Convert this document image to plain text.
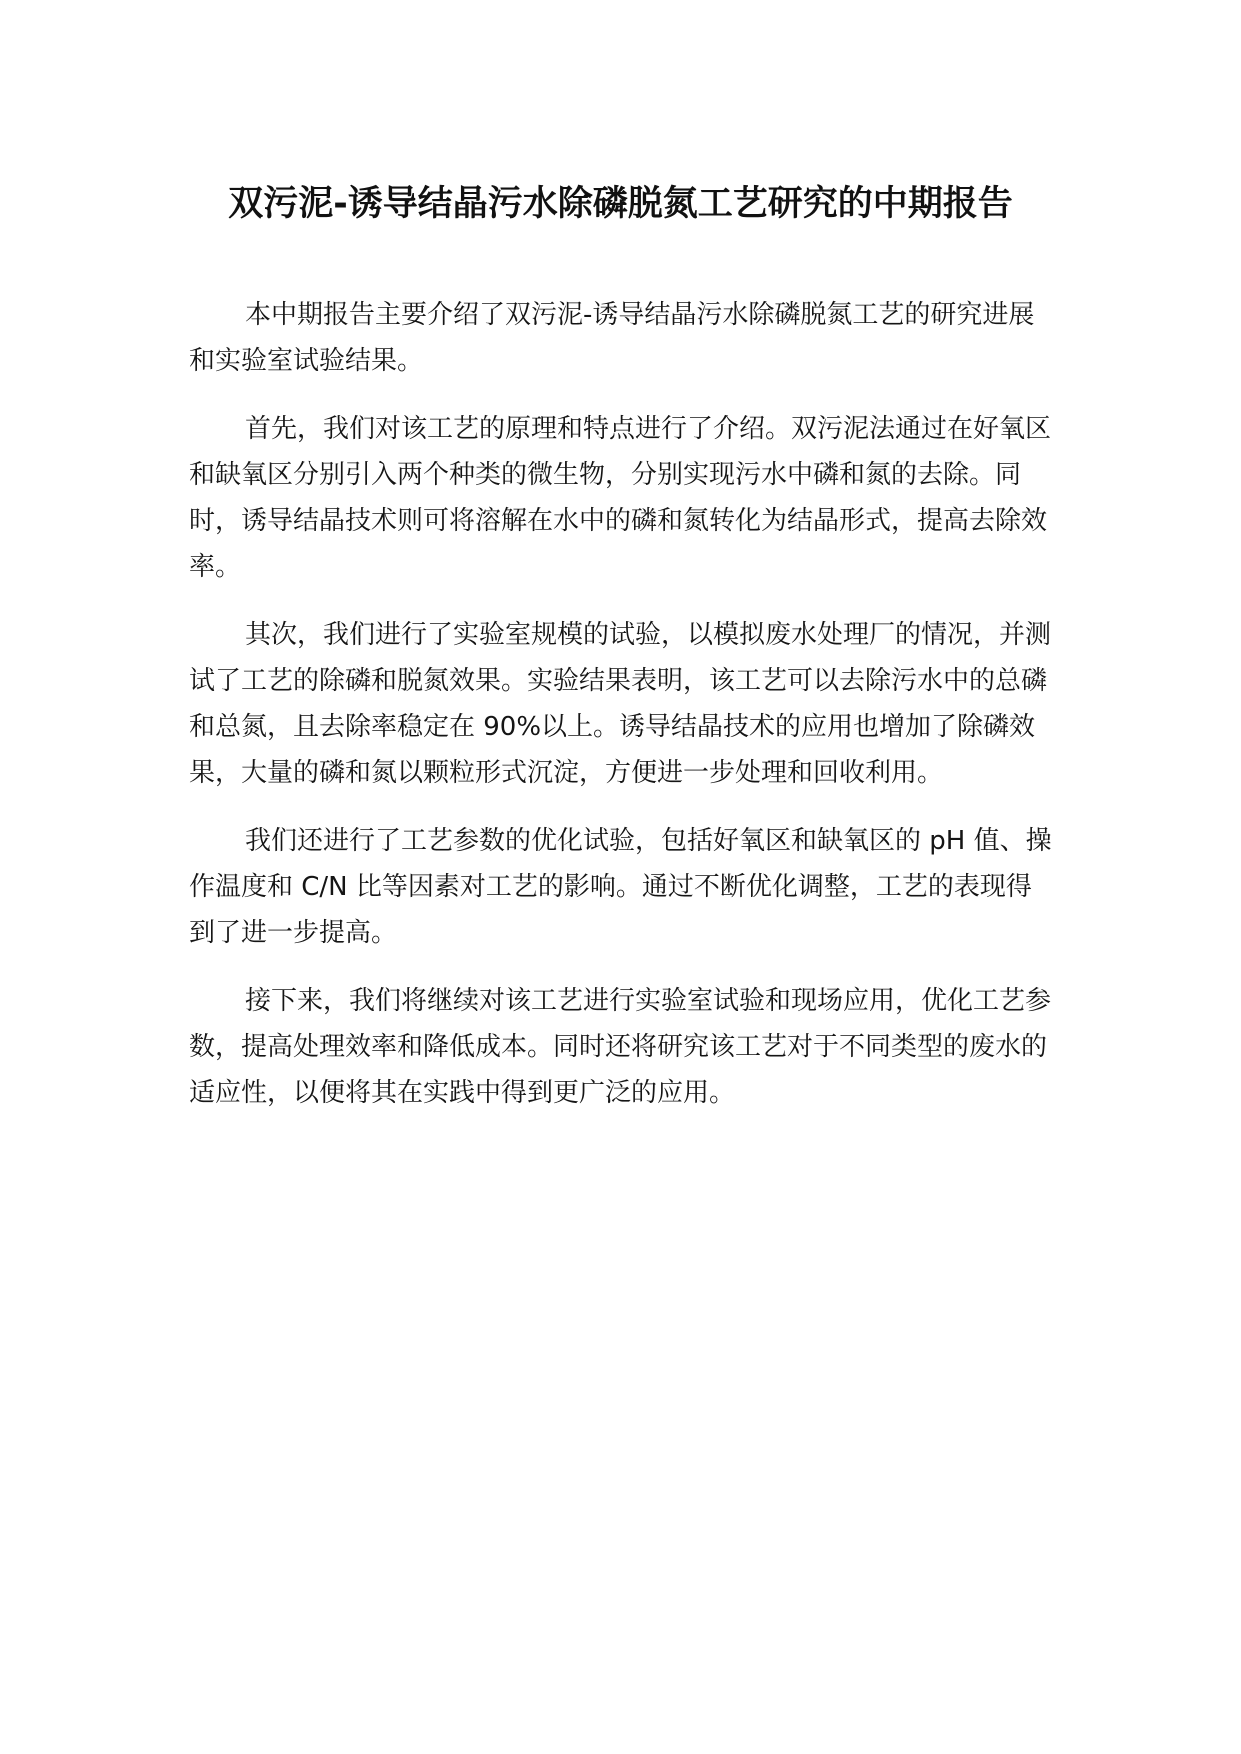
双污泥-诱导结晶污水除磷脱氮工艺研究的中期报告

本中期报告主要介绍了双污泥-诱导结晶污水除磷脱氮工艺的研究进展和实验室试验结果。

首先，我们对该工艺的原理和特点进行了介绍。双污泥法通过在好氧区和缺氧区分别引入两个种类的微生物，分别实现污水中磷和氮的去除。同时，诱导结晶技术则可将溶解在水中的磷和氮转化为结晶形式，提高去除效率。

其次，我们进行了实验室规模的试验，以模拟废水处理厂的情况，并测试了工艺的除磷和脱氮效果。实验结果表明，该工艺可以去除污水中的总磷和总氮，且去除率稳定在 90%以上。诱导结晶技术的应用也增加了除磷效果，大量的磷和氮以颗粒形式沉淀，方便进一步处理和回收利用。

我们还进行了工艺参数的优化试验，包括好氧区和缺氧区的 pH 值、操作温度和 C/N 比等因素对工艺的影响。通过不断优化调整，工艺的表现得到了进一步提高。

接下来，我们将继续对该工艺进行实验室试验和现场应用，优化工艺参数，提高处理效率和降低成本。同时还将研究该工艺对于不同类型的废水的适应性，以便将其在实践中得到更广泛的应用。
